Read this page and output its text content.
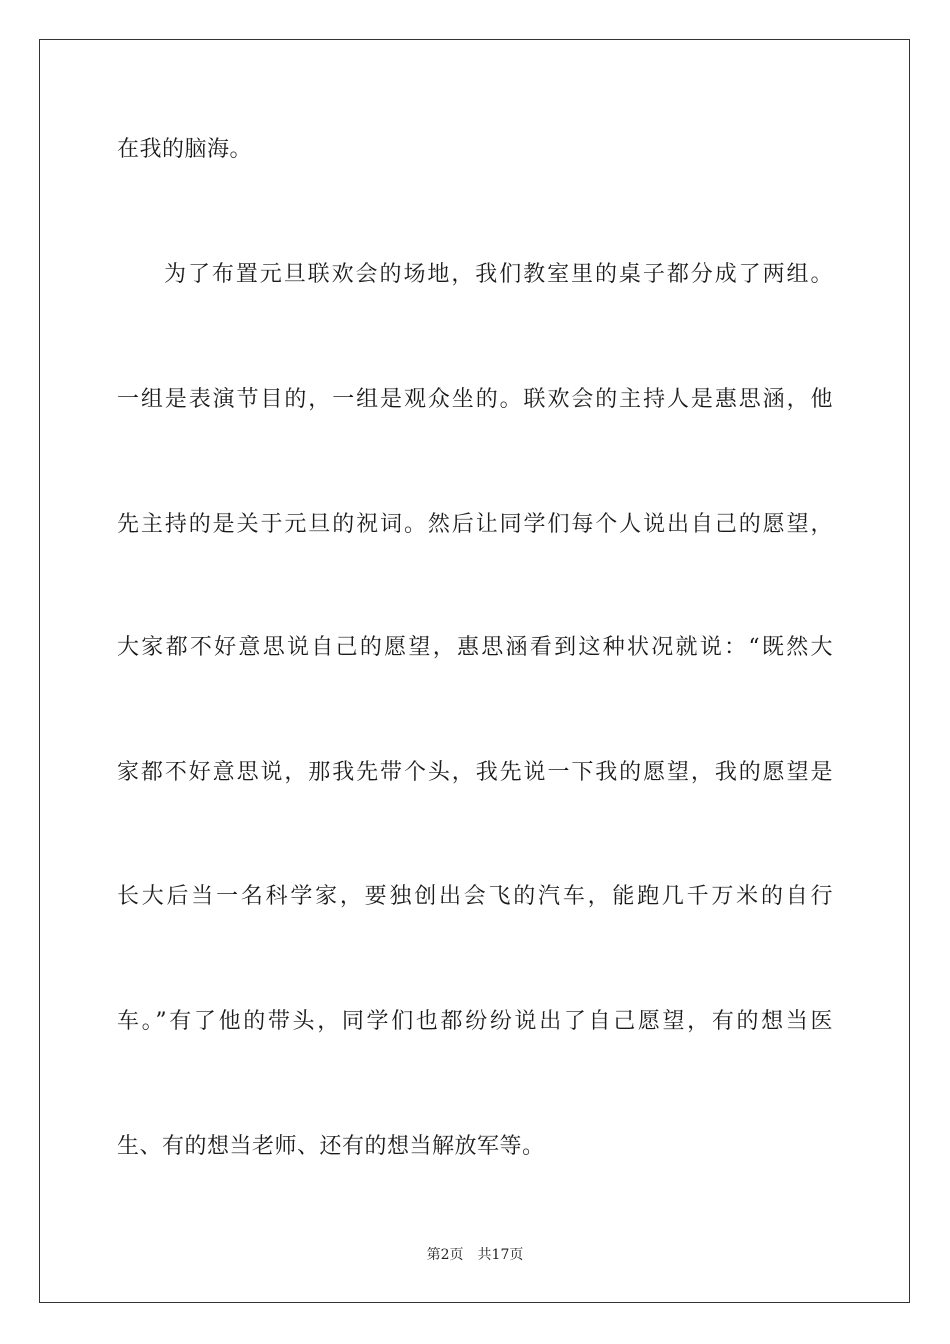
在我的脑海。
为了布置元旦联欢会的场地，我们教室里的桌子都分成了两组。
一组是表演节目的，一组是观众坐的。联欢会的主持人是惠思涵，他
先主持的是关于元旦的祝词。然后让同学们每个人说出自己的愿望，
大家都不好意思说自己的愿望，惠思涵看到这种状况就说：“既然大
家都不好意思说，那我先带个头，我先说一下我的愿望，我的愿望是
长大后当一名科学家，要独创出会飞的汽车，能跑几千万米的自行
车。”有了他的带头，同学们也都纷纷说出了自己愿望，有的想当医
生、有的想当老师、还有的想当解放军等。
第2页 共17页
